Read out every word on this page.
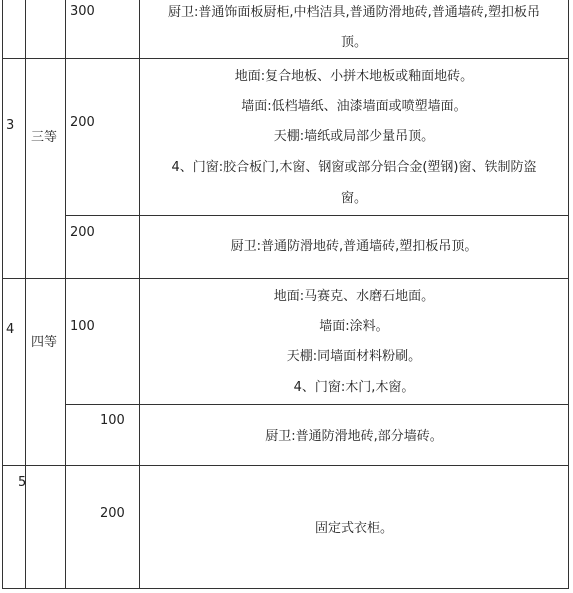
300	厨卫:普通饰面板厨柜,中档洁具,普通防滑地砖,普通墙砖,塑扣板吊
顶。
3
三等
200
地面:复合地板、小拼木地板或釉面地砖。
墙面:低档墙纸、油漆墙面或喷塑墙面。
天棚:墙纸或局部少量吊顶。
4、门窗:胶合板门,木窗、钢窗或部分铝合金(塑钢)窗、铁制防盗
窗。
200
厨卫:普通防滑地砖,普通墙砖,塑扣板吊顶。
4
四等
100
地面:马赛克、水磨石地面。
墙面:涂料。
天棚:同墙面材料粉刷。
4、门窗:木门,木窗。
100
厨卫:普通防滑地砖,部分墙砖。
5
200
固定式衣柜。
